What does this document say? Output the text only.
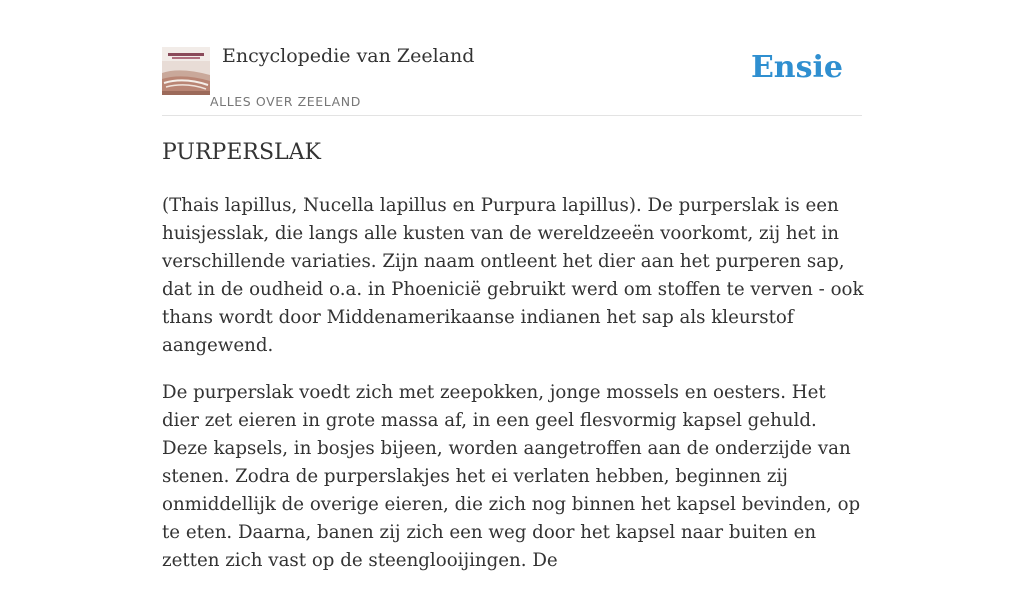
Encyclopedie van Zeeland
ALLES OVER ZEELAND
Ensie
PURPERSLAK

(Thais lapillus, Nucella lapillus en Purpura lapillus). De purperslak is een huisjesslak, die langs alle kusten van de wereldzeeën voorkomt, zij het in verschillende variaties. Zijn naam ontleent het dier aan het purperen sap, dat in de oudheid o.a. in Phoenicië gebruikt werd om stoffen te verven - ook thans wordt door Middenamerikaanse indianen het sap als kleurstof aangewend.

De purperslak voedt zich met zeepokken, jonge mossels en oesters. Het dier zet eieren in grote massa af, in een geel flesvormig kapsel gehuld. Deze kapsels, in bosjes bijeen, worden aangetroffen aan de onderzijde van stenen. Zodra de purperslakjes het ei verlaten hebben, beginnen zij onmiddellijk de overige eieren, die zich nog binnen het kapsel bevinden, op te eten. Daarna, banen zij zich een weg door het kapsel naar buiten en zetten zich vast op de steenglooijingen. De
